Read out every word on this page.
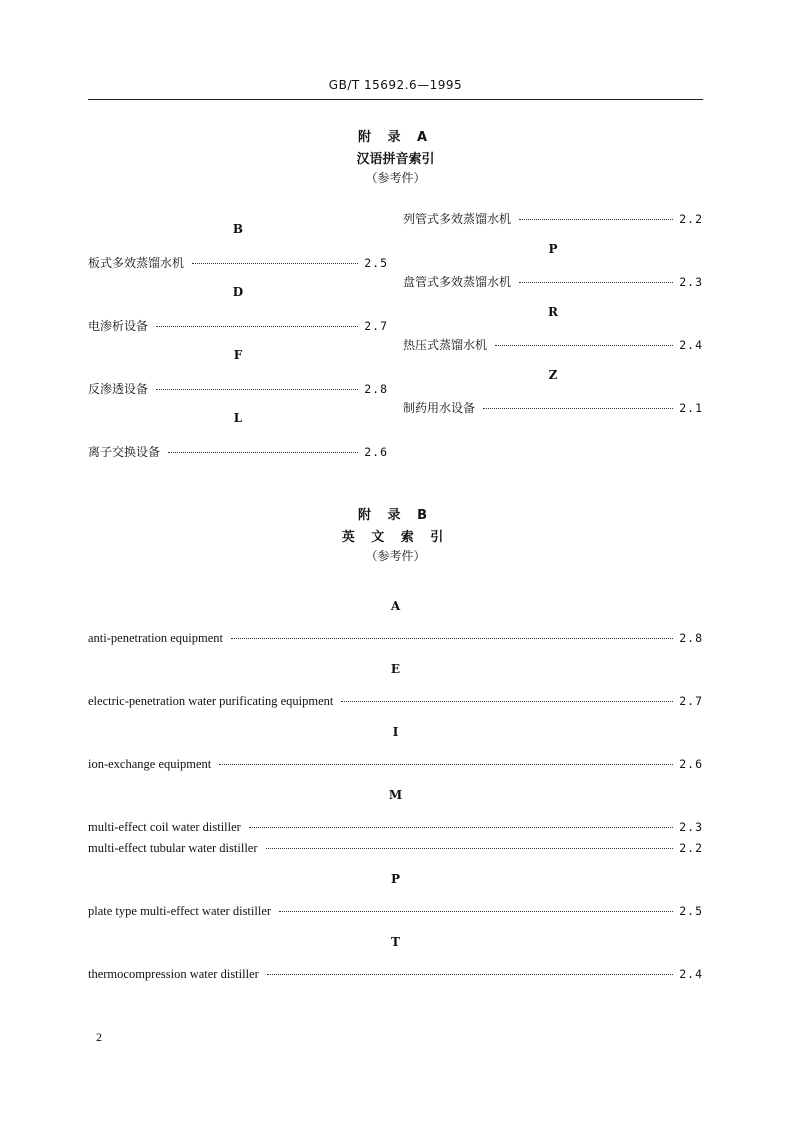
GB/T 15692.6—1995
附 录 A
汉语拼音索引
（参考件）
B
板式多效蒸馏水机	2.5
D
电渗析设备	2.7
F
反渗透设备	2.8
L
离子交换设备	2.6
列管式多效蒸馏水机	2.2
P
盘管式多效蒸馏水机	2.3
R
热压式蒸馏水机	2.4
Z
制药用水设备	2.1
附 录 B
英 文 索 引
（参考件）
A
anti-penetration equipment	2.8
E
electric-penetration water purificating equipment	2.7
I
ion-exchange equipment	2.6
M
multi-effect coil water distiller	2.3
multi-effect tubular water distiller	2.2
P
plate type multi-effect water distiller	2.5
T
thermocompression water distiller	2.4
2
